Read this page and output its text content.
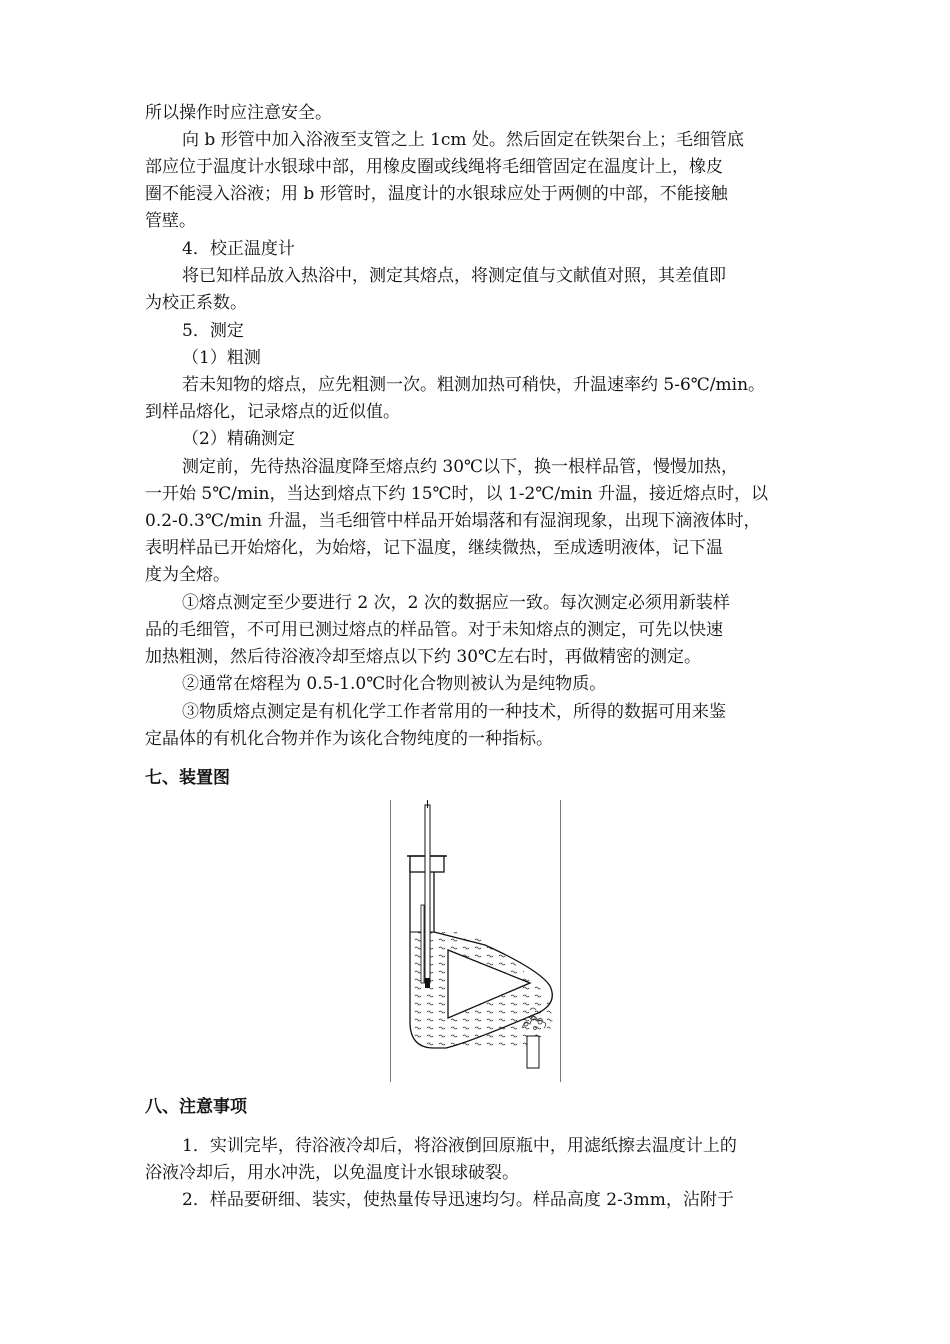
所以操作时应注意安全。
向 b 形管中加入浴液至支管之上 1cm 处。然后固定在铁架台上；毛细管底
部应位于温度计水银球中部，用橡皮圈或线绳将毛细管固定在温度计上，橡皮
圈不能浸入浴液；用 b 形管时，温度计的水银球应处于两侧的中部，不能接触
管壁。
4．校正温度计
将已知样品放入热浴中，测定其熔点，将测定值与文献值对照，其差值即
为校正系数。
5．测定
（1）粗测
若未知物的熔点，应先粗测一次。粗测加热可稍快，升温速率约 5-6℃/min。
到样品熔化，记录熔点的近似值。
（2）精确测定
测定前，先待热浴温度降至熔点约 30℃以下，换一根样品管，慢慢加热，
一开始 5℃/min，当达到熔点下约 15℃时，以 1-2℃/min 升温，接近熔点时，以
0.2-0.3℃/min 升温，当毛细管中样品开始塌落和有湿润现象，出现下滴液体时，
表明样品已开始熔化，为始熔，记下温度，继续微热，至成透明液体，记下温
度为全熔。
①熔点测定至少要进行 2 次，2 次的数据应一致。每次测定必须用新装样
品的毛细管，不可用已测过熔点的样品管。对于未知熔点的测定，可先以快速
加热粗测，然后待浴液冷却至熔点以下约 30℃左右时，再做精密的测定。
②通常在熔程为 0.5-1.0℃时化合物则被认为是纯物质。
③物质熔点测定是有机化学工作者常用的一种技术，所得的数据可用来鉴
定晶体的有机化合物并作为该化合物纯度的一种指标。
七、装置图
八、注意事项
1．实训完毕，待浴液冷却后，将浴液倒回原瓶中，用滤纸擦去温度计上的
浴液冷却后，用水冲洗，以免温度计水银球破裂。
2．样品要研细、装实，使热量传导迅速均匀。样品高度 2-3mm，沾附于
